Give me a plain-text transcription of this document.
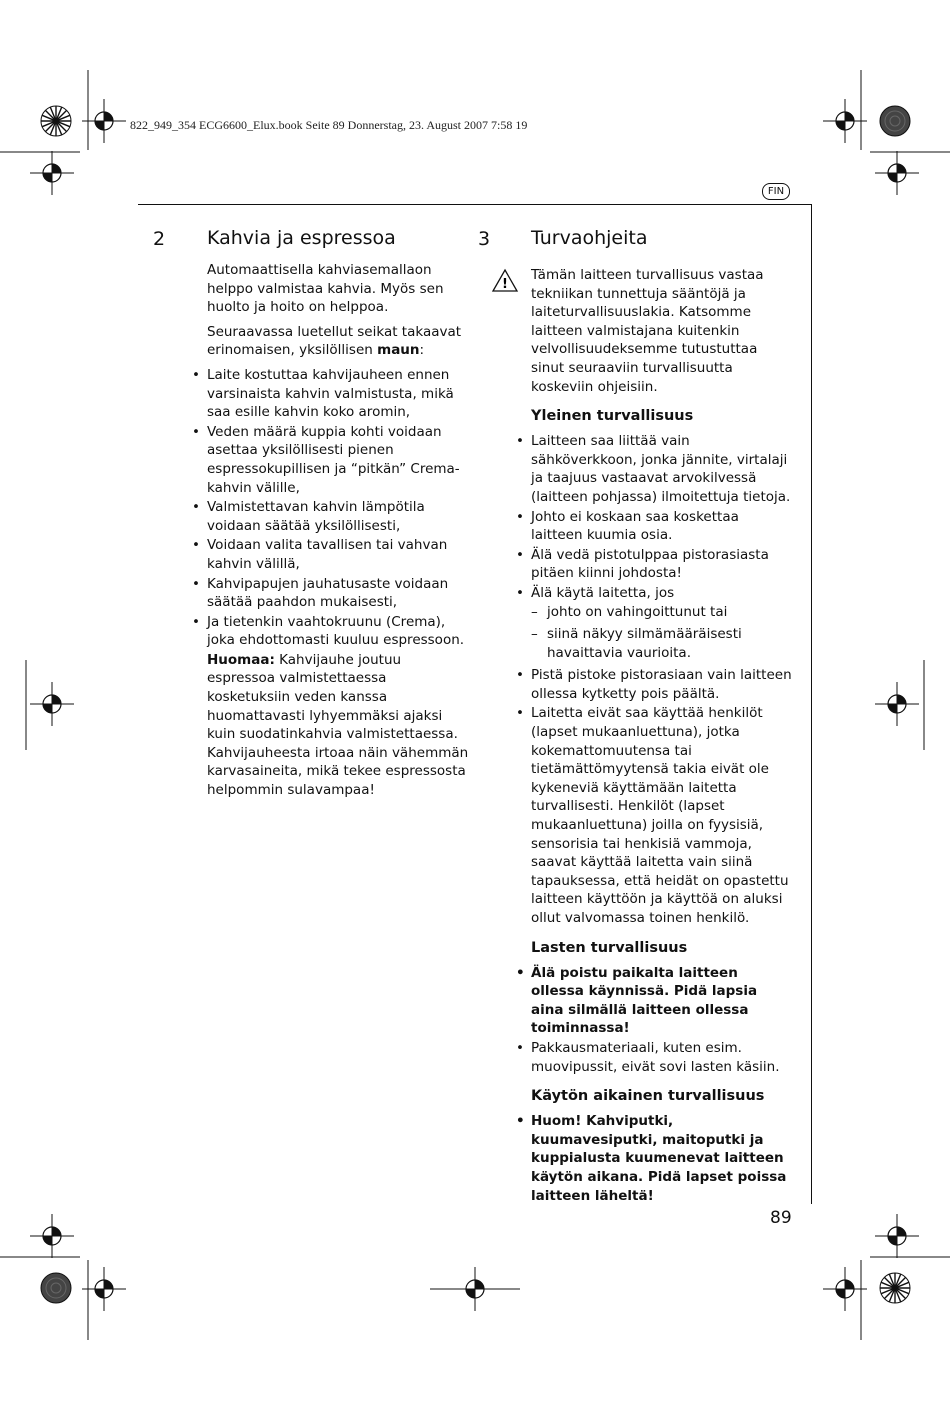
822_949_354 ECG6600_Elux.book Seite 89 Donnerstag, 23. August 2007 7:58 19
FIN
2 Kahvia ja espressoa

Automaattisella kahviasemallaon helppo valmistaa kahvia. Myös sen huolto ja hoito on helppoa.

Seuraavassa luetellut seikat takaavat erinomaisen, yksilöllisen maun:

• Laite kostuttaa kahvijauheen ennen varsinaista kahvin valmistusta, mikä saa esille kahvin koko aromin,
• Veden määrä kuppia kohti voidaan asettaa yksilöllisesti pienen espressokupillisen ja “pitkän” Crema-kahvin välille,
• Valmistettavan kahvin lämpötila voidaan säätää yksilöllisesti,
• Voidaan valita tavallisen tai vahvan kahvin välillä,
• Kahvipapujen jauhatusaste voidaan säätää paahdon mukaisesti,
• Ja tietenkin vaahtokruunu (Crema), joka ehdottomasti kuuluu espressoon.

Huomaa: Kahvijauhe joutuu espressoa valmistettaessa kosketuksiin veden kanssa huomattavasti lyhyemmäksi ajaksi kuin suodatinkahvia valmistettaessa. Kahvijauheesta irtoaa näin vähemmän karvasaineita, mikä tekee espressosta helpommin sulavampaa!

3 Turvaohjeita
!

Tämän laitteen turvallisuus vastaa tekniikan tunnettuja sääntöjä ja laiteturvallisuuslakia. Katsomme laitteen valmistajana kuitenkin velvollisuudeksemme tutustuttaa sinut seuraaviin turvallisuutta koskeviin ohjeisiin.

Yleinen turvallisuus
• Laitteen saa liittää vain sähköverkkoon, jonka jännite, virtalaji ja taajuus vastaavat arvokilvessä (laitteen pohjassa) ilmoitettuja tietoja.
• Johto ei koskaan saa koskettaa laitteen kuumia osia.
• Älä vedä pistotulppaa pistorasiasta pitäen kiinni johdosta!
• Älä käytä laitetta, jos
– johto on vahingoittunut tai
– siinä näkyy silmämääräisesti havaittavia vaurioita.
• Pistä pistoke pistorasiaan vain laitteen ollessa kytketty pois päältä.
• Laitetta eivät saa käyttää henkilöt (lapset mukaanluettuna), jotka kokemattomuutensa tai tietämättömyytensä takia eivät ole kykeneviä käyttämään laitetta turvallisesti. Henkilöt (lapset mukaanluettuna) joilla on fyysisiä, sensorisia tai henkisiä vammoja, saavat käyttää laitetta vain siinä tapauksessa, että heidät on opastettu laitteen käyttöön ja käyttöä on aluksi ollut valvomassa toinen henkilö.
Lasten turvallisuus
• Älä poistu paikalta laitteen ollessa käynnissä. Pidä lapsia aina silmällä laitteen ollessa toiminnassa!
• Pakkausmateriaali, kuten esim. muovipussit, eivät sovi lasten käsiin.
Käytön aikainen turvallisuus
• Huom! Kahviputki, kuumavesiputki, maitoputki ja kuppialusta kuumenevat laitteen käytön aikana. Pidä lapset poissa laitteen läheltä!
89
